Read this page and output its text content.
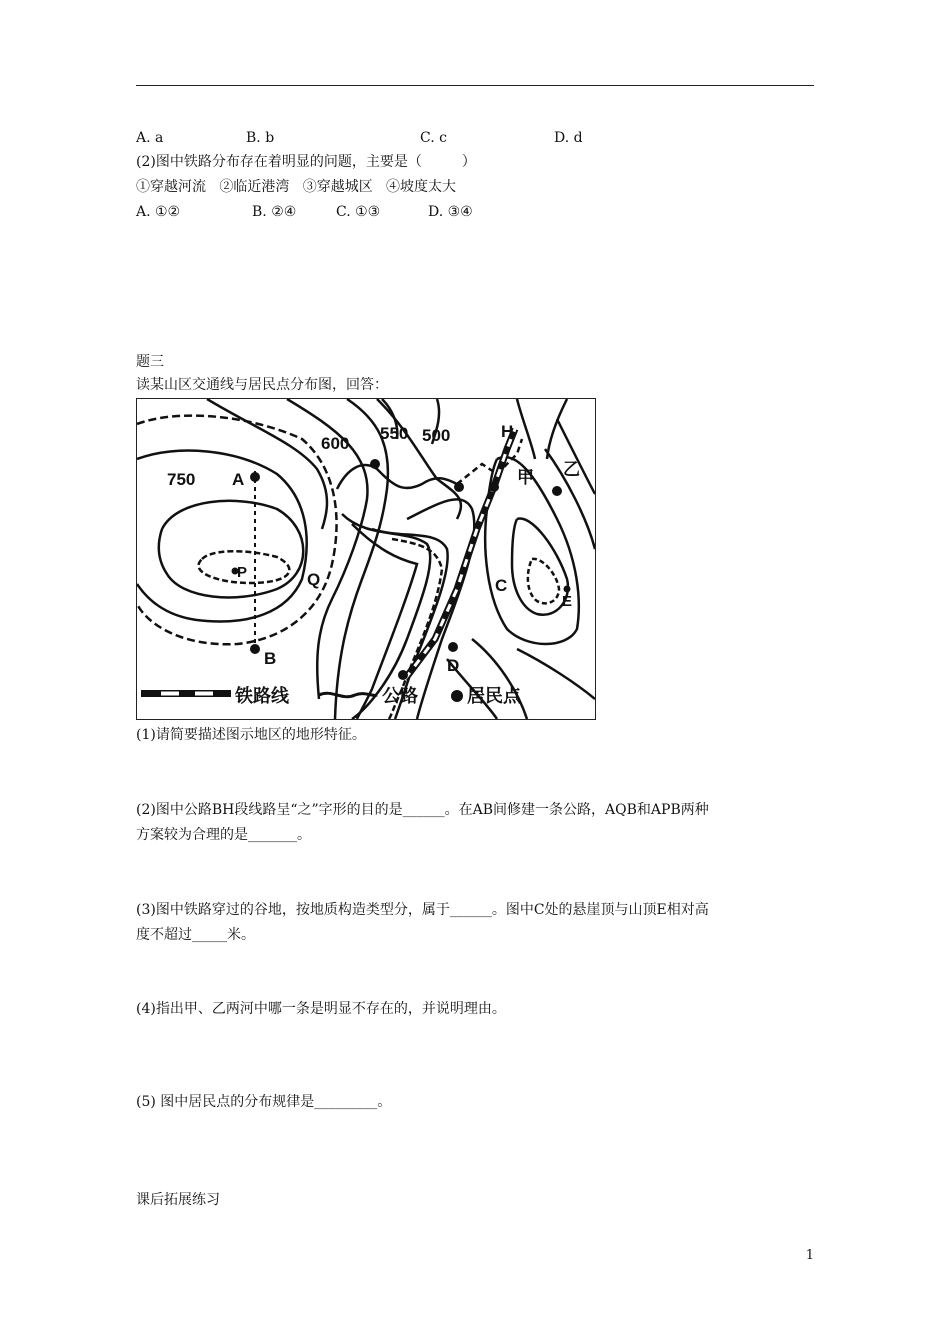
A. a	B. b	C. c	D. d
(2)图中铁路分布存在着明显的问题，主要是（         ）
①穿越河流   ②临近港湾   ③穿越城区   ④坡度太大
A. ①②	B. ②④	C. ①③	D. ③④
题三
读某山区交通线与居民点分布图，回答：
750
600
550 500
A
B
C
D
E
H
P	Q
甲 乙
铁路线	公路	居民点
(1)请简要描述图示地区的地形特征。
(2)图中公路BH段线路呈“之”字形的目的是______。在AB间修建一条公路，AQB和APB两种
方案较为合理的是_______。
(3)图中铁路穿过的谷地，按地质构造类型分，属于______。图中C处的悬崖顶与山顶E相对高
度不超过_____米。
(4)指出甲、乙两河中哪一条是明显不存在的，并说明理由。
(5) 图中居民点的分布规律是_________。
课后拓展练习
1
